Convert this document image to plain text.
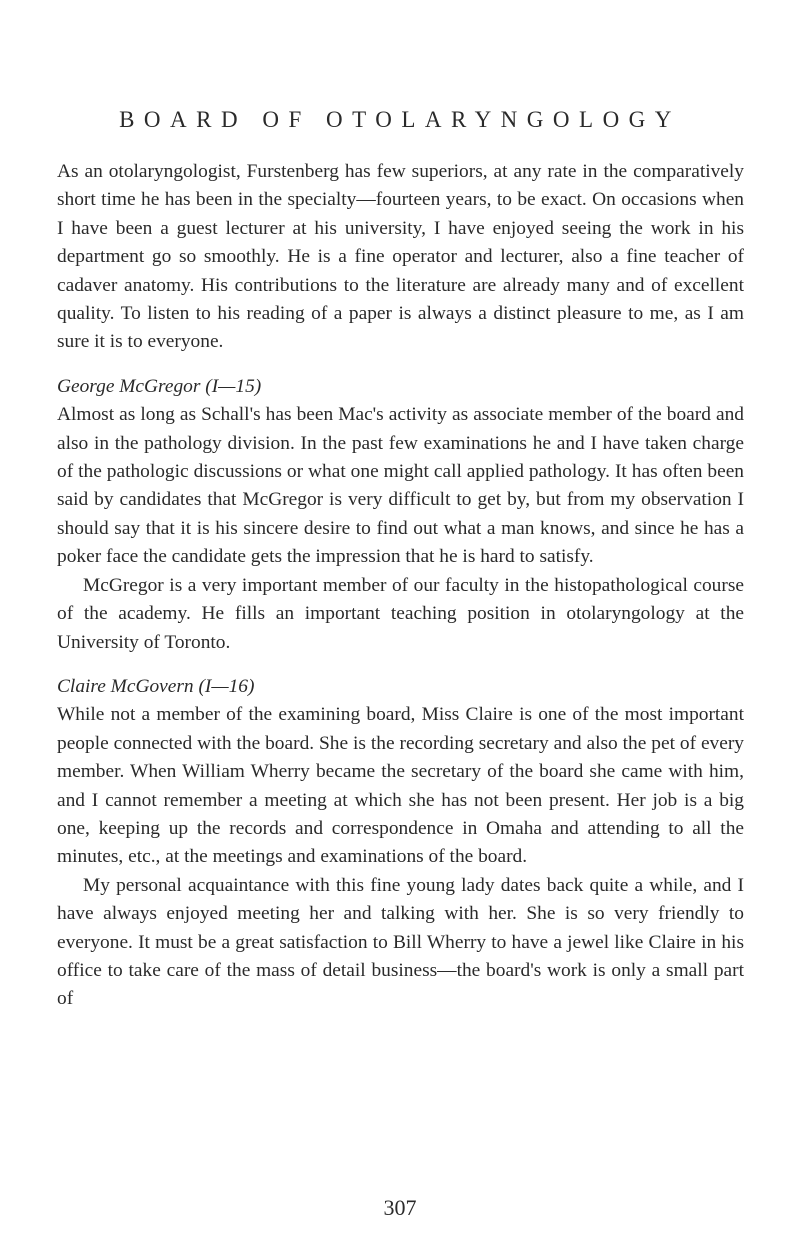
BOARD OF OTOLARYNGOLOGY

As an otolaryngologist, Furstenberg has few superiors, at any rate in the comparatively short time he has been in the specialty—fourteen years, to be exact. On occasions when I have been a guest lecturer at his university, I have enjoyed seeing the work in his department go so smoothly. He is a fine operator and lecturer, also a fine teacher of cadaver anatomy. His contributions to the literature are already many and of excellent quality. To listen to his reading of a paper is always a distinct pleasure to me, as I am sure it is to everyone.

George McGregor (I—15)

Almost as long as Schall's has been Mac's activity as associate member of the board and also in the pathology division. In the past few examinations he and I have taken charge of the pathologic discussions or what one might call applied pathology. It has often been said by candidates that McGregor is very difficult to get by, but from my observation I should say that it is his sincere desire to find out what a man knows, and since he has a poker face the candidate gets the impression that he is hard to satisfy.

McGregor is a very important member of our faculty in the histopathological course of the academy. He fills an important teaching position in otolaryngology at the University of Toronto.

Claire McGovern (I—16)

While not a member of the examining board, Miss Claire is one of the most important people connected with the board. She is the recording secretary and also the pet of every member. When William Wherry became the secretary of the board she came with him, and I cannot remember a meeting at which she has not been present. Her job is a big one, keeping up the records and correspondence in Omaha and attending to all the minutes, etc., at the meetings and examinations of the board.

My personal acquaintance with this fine young lady dates back quite a while, and I have always enjoyed meeting her and talking with her. She is so very friendly to everyone. It must be a great satisfaction to Bill Wherry to have a jewel like Claire in his office to take care of the mass of detail business—the board's work is only a small part of

307
